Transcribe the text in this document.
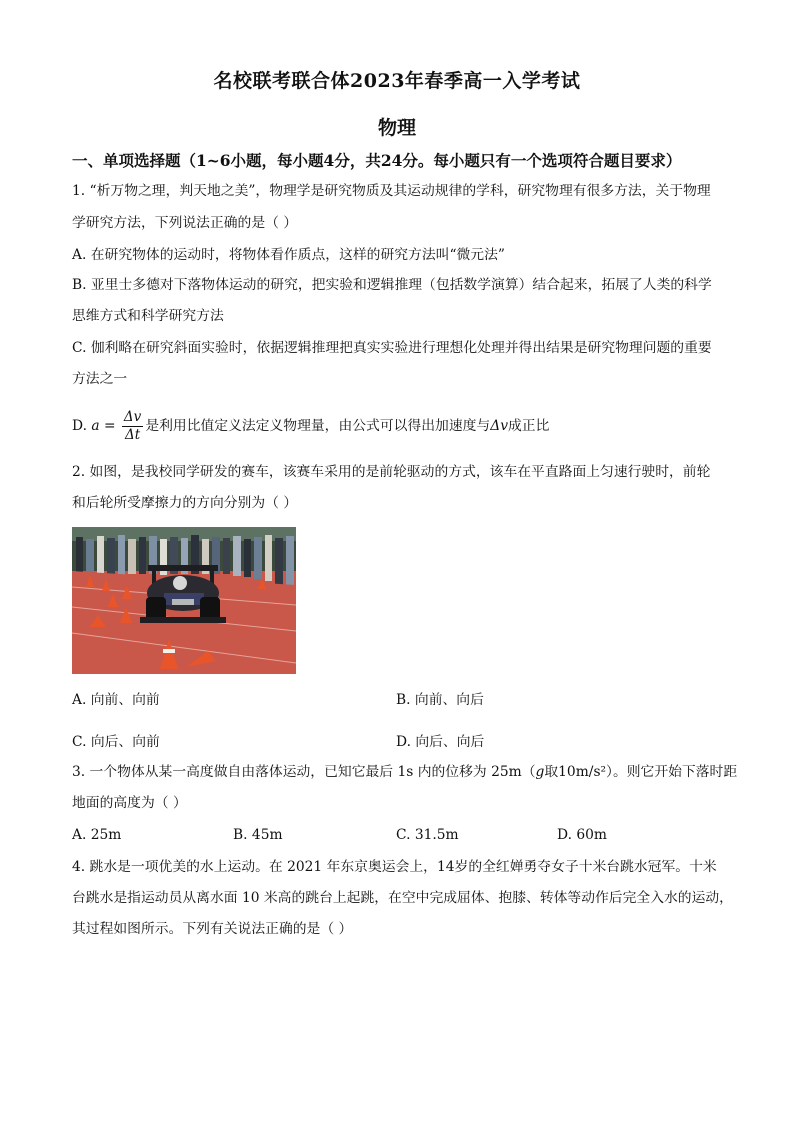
名校联考联合体2023年春季高一入学考试
物理
一、单项选择题（1~6小题，每小题4分，共24分。每小题只有一个选项符合题目要求）
1. “析万物之理，判天地之美”，物理学是研究物质及其运动规律的学科，研究物理有很多方法，关于物理
学研究方法，下列说法正确的是（ ）
A. 在研究物体的运动时，将物体看作质点，这样的研究方法叫“微元法”
B. 亚里士多德对下落物体运动的研究，把实验和逻辑推理（包括数学演算）结合起来，拓展了人类的科学
思维方式和科学研究方法
C. 伽利略在研究斜面实验时，依据逻辑推理把真实实验进行理想化处理并得出结果是研究物理问题的重要
方法之一
D. $a = \frac{\Delta v}{\Delta t}$ 是利用比值定义法定义物理量，由公式可以得出加速度与Δv成正比
2. 如图，是我校同学研发的赛车，该赛车采用的是前轮驱动的方式，该车在平直路面上匀速行驶时，前轮
和后轮所受摩擦力的方向分别为（ ）
A. 向前、向前	B. 向前、向后
C. 向后、向前	D. 向后、向后
3. 一个物体从某一高度做自由落体运动，已知它最后 1s 内的位移为 25m（g取10m/s²）。则它开始下落时距
地面的高度为（ ）
A. 25m	B. 45m	C. 31.5m	D. 60m
4. 跳水是一项优美的水上运动。在 2021 年东京奥运会上，14岁的全红婵勇夺女子十米台跳水冠军。十米
台跳水是指运动员从离水面 10 米高的跳台上起跳，在空中完成屈体、抱膝、转体等动作后完全入水的运动，
其过程如图所示。下列有关说法正确的是（ ）
